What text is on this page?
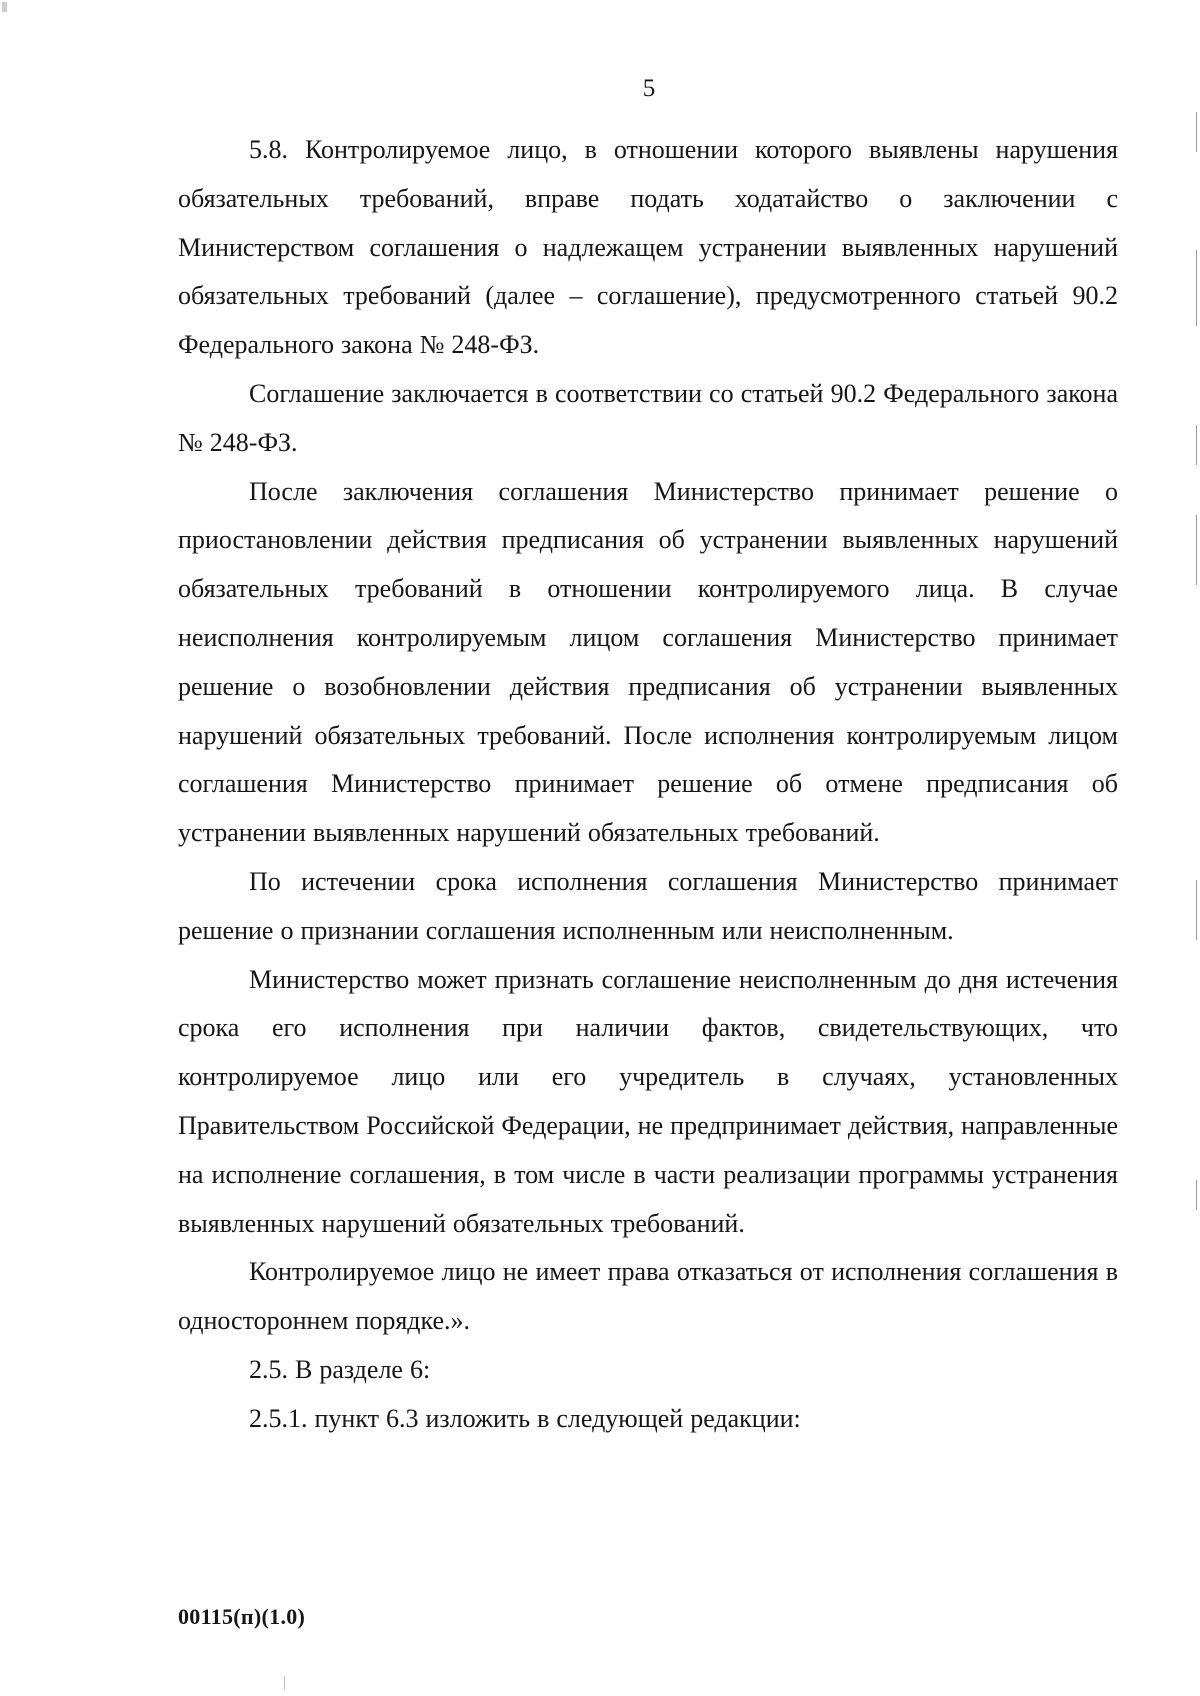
5

5.8. Контролируемое лицо, в отношении которого выявлены нарушения обязательных требований, вправе подать ходатайство о заключении с Министерством соглашения о надлежащем устранении выявленных нарушений обязательных требований (далее – соглашение), предусмотренного статьей 90.2 Федерального закона № 248-ФЗ.

Соглашение заключается в соответствии со статьей 90.2 Федерального закона № 248-ФЗ.

После заключения соглашения Министерство принимает решение о приостановлении действия предписания об устранении выявленных нарушений обязательных требований в отношении контролируемого лица. В случае неисполнения контролируемым лицом соглашения Министерство принимает решение о возобновлении действия предписания об устранении выявленных нарушений обязательных требований. После исполнения контролируемым лицом соглашения Министерство принимает решение об отмене предписания об устранении выявленных нарушений обязательных требований.

По истечении срока исполнения соглашения Министерство принимает решение о признании соглашения исполненным или неисполненным.

Министерство может признать соглашение неисполненным до дня истечения срока его исполнения при наличии фактов, свидетельствующих, что контролируемое лицо или его учредитель в случаях, установленных Правительством Российской Федерации, не предпринимает действия, направленные на исполнение соглашения, в том числе в части реализации программы устранения выявленных нарушений обязательных требований.

Контролируемое лицо не имеет права отказаться от исполнения соглашения в одностороннем порядке.».

2.5. В разделе 6:

2.5.1. пункт 6.3 изложить в следующей редакции:

00115(п)(1.0)
